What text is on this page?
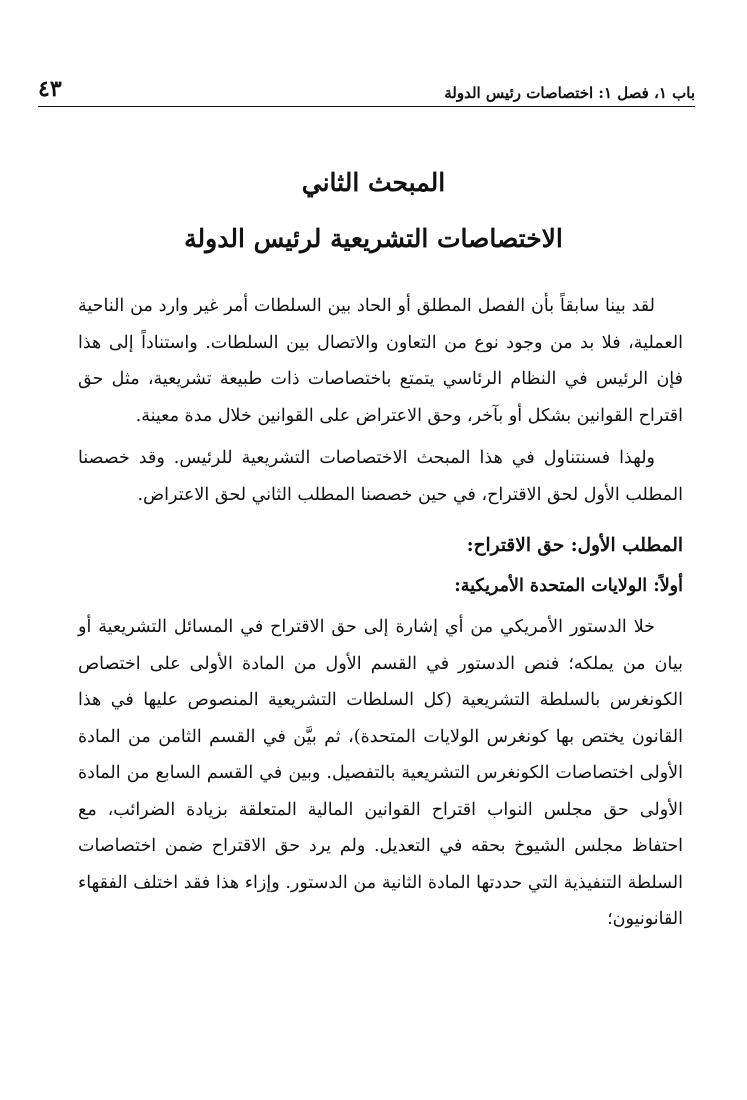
باب ١، فصل ١: اختصاصات رئيس الدولة
٤٣
المبحث الثاني
الاختصاصات التشريعية لرئيس الدولة

لقد بينا سابقاً بأن الفصل المطلق أو الحاد بين السلطات أمر غير وارد من الناحية العملية، فلا بد من وجود نوع من التعاون والاتصال بين السلطات. واستناداً إلى هذا فإن الرئيس في النظام الرئاسي يتمتع باختصاصات ذات طبيعة تشريعية، مثل حق اقتراح القوانين بشكل أو بآخر، وحق الاعتراض على القوانين خلال مدة معينة.

ولهذا فسنتناول في هذا المبحث الاختصاصات التشريعية للرئيس. وقد خصصنا المطلب الأول لحق الاقتراح، في حين خصصنا المطلب الثاني لحق الاعتراض.

المطلب الأول: حق الاقتراح:
أولاً: الولايات المتحدة الأمريكية:

خلا الدستور الأمريكي من أي إشارة إلى حق الاقتراح في المسائل التشريعية أو بيان من يملكه؛ فنص الدستور في القسم الأول من المادة الأولى على اختصاص الكونغرس بالسلطة التشريعية (كل السلطات التشريعية المنصوص عليها في هذا القانون يختص بها كونغرس الولايات المتحدة)، ثم بيَّن في القسم الثامن من المادة الأولى اختصاصات الكونغرس التشريعية بالتفصيل. وبين في القسم السابع من المادة الأولى حق مجلس النواب اقتراح القوانين المالية المتعلقة بزيادة الضرائب، مع احتفاظ مجلس الشيوخ بحقه في التعديل. ولم يرد حق الاقتراح ضمن اختصاصات السلطة التنفيذية التي حددتها المادة الثانية من الدستور. وإزاء هذا فقد اختلف الفقهاء القانونيون؛
